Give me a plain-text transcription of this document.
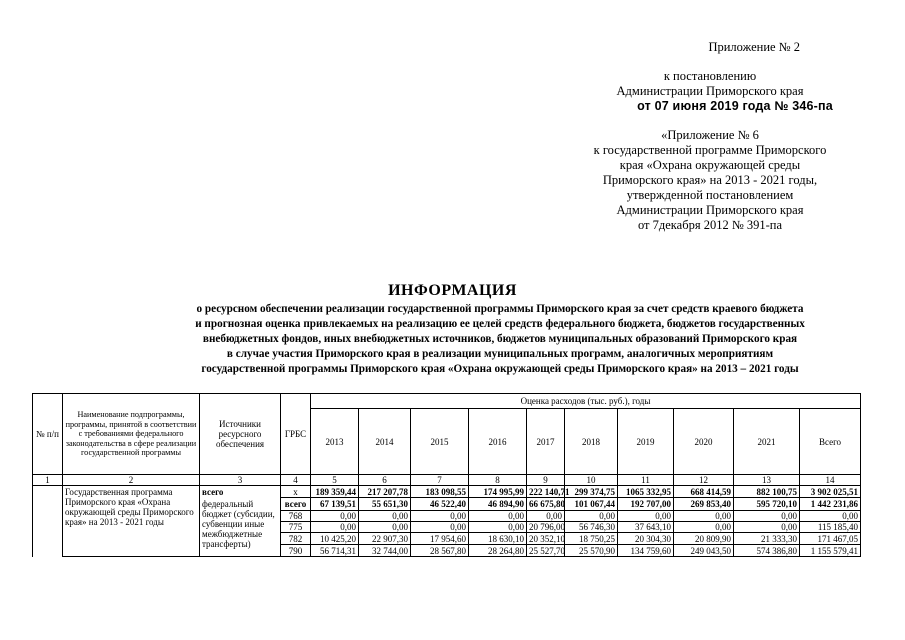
Приложение № 2
к постановлению
Администрации Приморского края
от 07 июня 2019 года № 346-па
«Приложение № 6
к государственной программе Приморского
края «Охрана окружающей среды
Приморского края» на 2013 - 2021 годы,
утвержденной постановлением
Администрации Приморского края
от 7декабря 2012 № 391-па
ИНФОРМАЦИЯ
о ресурсном обеспечении реализации государственной программы Приморского края за счет средств краевого бюджета
и прогнозная оценка привлекаемых на реализацию ее целей средств федерального бюджета, бюджетов государственных
внебюджетных фондов, иных внебюджетных источников, бюджетов муниципальных образований Приморского края
в случае участия Приморского края в реализации муниципальных программ, аналогичных мероприятиям
государственной программы Приморского края «Охрана окружающей среды Приморского края» на 2013 – 2021 годы
№ п/п	Наименование подпрограммы, программы, принятой в соответствии с требованиями федерального законодательства в сфере реализации государственной программы	Источники ресурсного обеспечения	ГРБС	Оценка расходов (тыс. руб.), годы									
				2013	2014	2015	2016	2017	2018	2019	2020	2021	Всего
1	2	3	4	5	6	7	8	9	10	11	12	13	14
	Государственная программа Приморского края «Охрана окружающей среды Приморского края» на 2013 - 2021 годы	всего	x	189 359,44	217 207,78	183 098,55	174 995,99	222 140,71	299 374,75	1065 332,95	668 414,59	882 100,75	3 902 025,51
		федеральный бюджет (субсидии, субвенции иные межбюджетные трансферты)	всего	67 139,51	55 651,30	46 522,40	46 894,90	66 675,80	101 067,44	192 707,00	269 853,40	595 720,10	1 442 231,86
			768	0,00	0,00	0,00	0,00	0,00	0,00	0,00	0,00	0,00	0,00
			775	0,00	0,00	0,00	0,00	20 796,00	56 746,30	37 643,10	0,00	0,00	115 185,40
			782	10 425,20	22 907,30	17 954,60	18 630,10	20 352,10	18 750,25	20 304,30	20 809,90	21 333,30	171 467,05
			790	56 714,31	32 744,00	28 567,80	28 264,80	25 527,70	25 570,90	134 759,60	249 043,50	574 386,80	1 155 579,41
